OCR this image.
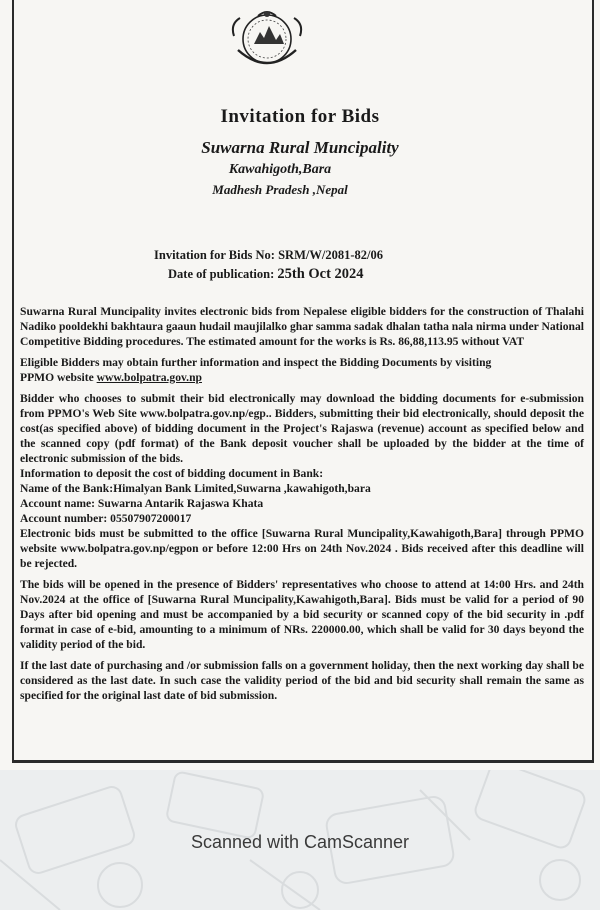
Invitation for Bids
Suwarna Rural Muncipality
Kawahigoth,Bara
Madhesh Pradesh ,Nepal
Invitation for Bids No: SRM/W/2081-82/06
Date of publication: 25th Oct 2024

Suwarna Rural Muncipality invites electronic bids from Nepalese eligible bidders for the construction of Thalahi Nadiko pooldekhi bakhtaura gaaun hudail maujilalko ghar samma sadak dhalan tatha nala nirma under National Competitive Bidding procedures. The estimated amount for the works is Rs. 86,88,113.95 without VAT

Eligible Bidders may obtain further information and inspect the Bidding Documents by visiting

PPMO website www.bolpatra.gov.np

Bidder who chooses to submit their bid electronically may download the bidding documents for e-submission from PPMO's Web Site www.bolpatra.gov.np/egp.. Bidders, submitting their bid electronically, should deposit the cost(as specified above) of bidding document in the Project's Rajaswa (revenue) account as specified below and the scanned copy (pdf format) of the Bank deposit voucher shall be uploaded by the bidder at the time of electronic submission of the bids.

Information to deposit the cost of bidding document in Bank:

Name of the Bank:Himalyan Bank Limited,Suwarna ,kawahigoth,bara

Account name: Suwarna Antarik Rajaswa Khata

Account number: 05507907200017

Electronic bids must be submitted to the office [Suwarna Rural Muncipality,Kawahigoth,Bara] through PPMO website www.bolpatra.gov.np/egpon or before 12:00 Hrs on 24th Nov.2024 . Bids received after this deadline will be rejected.

The bids will be opened in the presence of Bidders' representatives who choose to attend at 14:00 Hrs. and 24th Nov.2024 at the office of [Suwarna Rural Muncipality,Kawahigoth,Bara]. Bids must be valid for a period of 90 Days after bid opening and must be accompanied by a bid security or scanned copy of the bid security in .pdf format in case of e-bid, amounting to a minimum of NRs. 220000.00, which shall be valid for 30 days beyond the validity period of the bid.

If the last date of purchasing and /or submission falls on a government holiday, then the next working day shall be considered as the last date. In such case the validity period of the bid and bid security shall remain the same as specified for the original last date of bid submission.

Scanned with CamScanner
